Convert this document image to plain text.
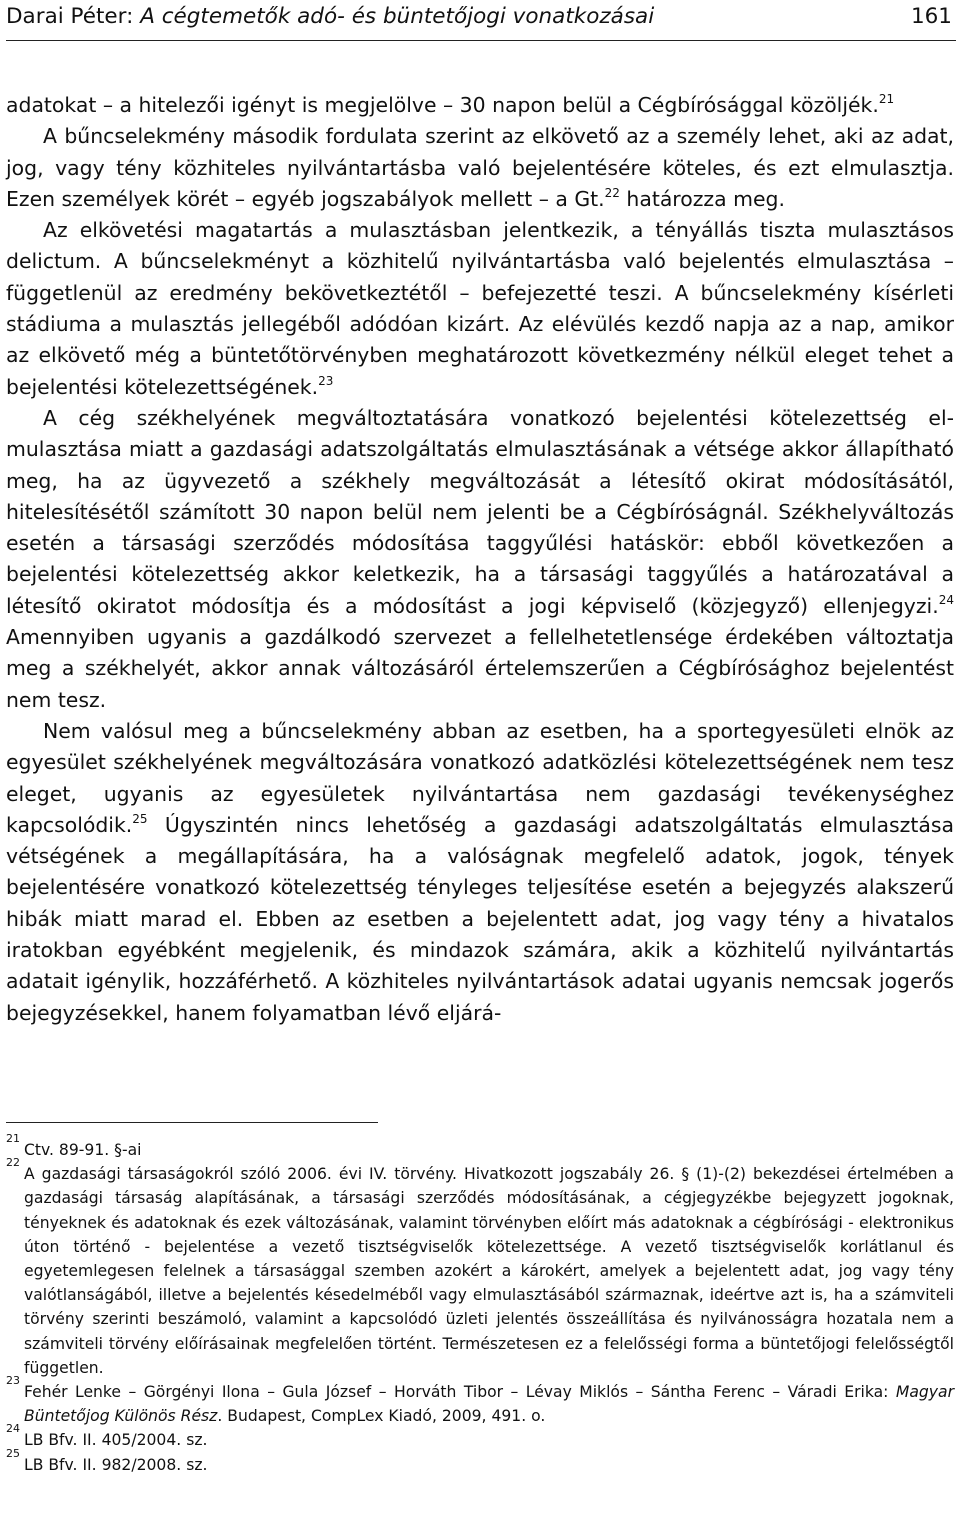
Darai Péter: A cégtemetők adó- és büntetőjogi vonatkozásai	161

adatokat – a hitelezői igényt is megjelölve – 30 napon belül a Cégbírósággal közöljék.$^{21}$

A bűncselekmény második fordulata szerint az elkövető az a személy lehet, aki az adat, jog, vagy tény közhiteles nyilvántartásba való bejelentésére köteles, és ezt elmulasztja. Ezen személyek körét – egyéb jogszabályok mellett – a Gt.$^{22}$ határozza meg.

Az elkövetési magatartás a mulasztásban jelentkezik, a tényállás tiszta mulasztásos delictum. A bűncselekményt a közhitelű nyilvántartásba való bejelentés elmulasztása – függetlenül az eredmény bekövetkeztétől – befejezetté teszi. A bűncselekmény kísérleti stádiuma a mulasztás jellegéből adódóan kizárt. Az elévülés kezdő napja az a nap, amikor az elkövető még a büntetőtörvényben meghatározott következmény nélkül eleget tehet a bejelentési kötelezettségének.$^{23}$

A cég székhelyének megváltoztatására vonatkozó bejelentési kötelezettség elmulasztása miatt a gazdasági adatszolgáltatás elmulasztásának a vétsége akkor állapítható meg, ha az ügyvezető a székhely megváltozását a létesítő okirat módosításától, hitelesítésétől számított 30 napon belül nem jelenti be a Cégbíróságnál. Székhelyváltozás esetén a társasági szerződés módosítása taggyűlési hatáskör: ebből következően a bejelentési kötelezettség akkor keletkezik, ha a társasági taggyűlés a határozatával a létesítő okiratot módosítja és a módosítást a jogi képviselő (közjegyző) ellenjegyzi.$^{24}$ Amennyiben ugyanis a gazdálkodó szervezet a fellelhetetlensége érdekében változtatja meg a székhelyét, akkor annak változásáról értelemszerűen a Cégbírósághoz bejelentést nem tesz.

Nem valósul meg a bűncselekmény abban az esetben, ha a sportegyesületi elnök az egyesület székhelyének megváltozására vonatkozó adatközlési kötelezettségének nem tesz eleget, ugyanis az egyesületek nyilvántartása nem gazdasági tevékenységhez kapcsolódik.$^{25}$ Úgyszintén nincs lehetőség a gazdasági adatszolgáltatás elmulasztása vétségének a megállapítására, ha a valóságnak megfelelő adatok, jogok, tények bejelentésére vonatkozó kötelezettség tényleges teljesítése esetén a bejegyzés alakszerű hibák miatt marad el. Ebben az esetben a bejelentett adat, jog vagy tény a hivatalos iratokban egyébként megjelenik, és mindazok számára, akik a közhitelű nyilvántartás adatait igénylik, hozzáférhető. A közhiteles nyilvántartások adatai ugyanis nemcsak jogerős bejegyzésekkel, hanem folyamatban lévő eljárá-

21
Ctv. 89-91. §-ai
22
A gazdasági társaságokról szóló 2006. évi IV. törvény. Hivatkozott jogszabály 26. § (1)-(2) bekezdései értelmében a gazdasági társaság alapításának, a társasági szerződés módosításának, a cégjegyzékbe bejegyzett jogoknak, tényeknek és adatoknak és ezek változásának, valamint törvényben előírt más adatoknak a cégbírósági - elektronikus úton történő - bejelentése a vezető tisztségviselők kötelezettsége. A vezető tisztségviselők korlátlanul és egyetemlegesen felelnek a társasággal szemben azokért a károkért, amelyek a bejelentett adat, jog vagy tény valótlanságából, illetve a bejelentés késedelméből vagy elmulasztásából származnak, ideértve azt is, ha a számviteli törvény szerinti beszámoló, valamint a kapcsolódó üzleti jelentés összeállítása és nyilvánosságra hozatala nem a számviteli törvény előírásainak megfelelően történt. Természetesen ez a felelősségi forma a büntetőjogi felelősségtől független.
23
Fehér Lenke – Görgényi Ilona – Gula József – Horváth Tibor – Lévay Miklós – Sántha Ferenc – Váradi Erika: Magyar Büntetőjog Különös Rész. Budapest, CompLex Kiadó, 2009, 491. o.
24
LB Bfv. II. 405/2004. sz.
25
LB Bfv. II. 982/2008. sz.
